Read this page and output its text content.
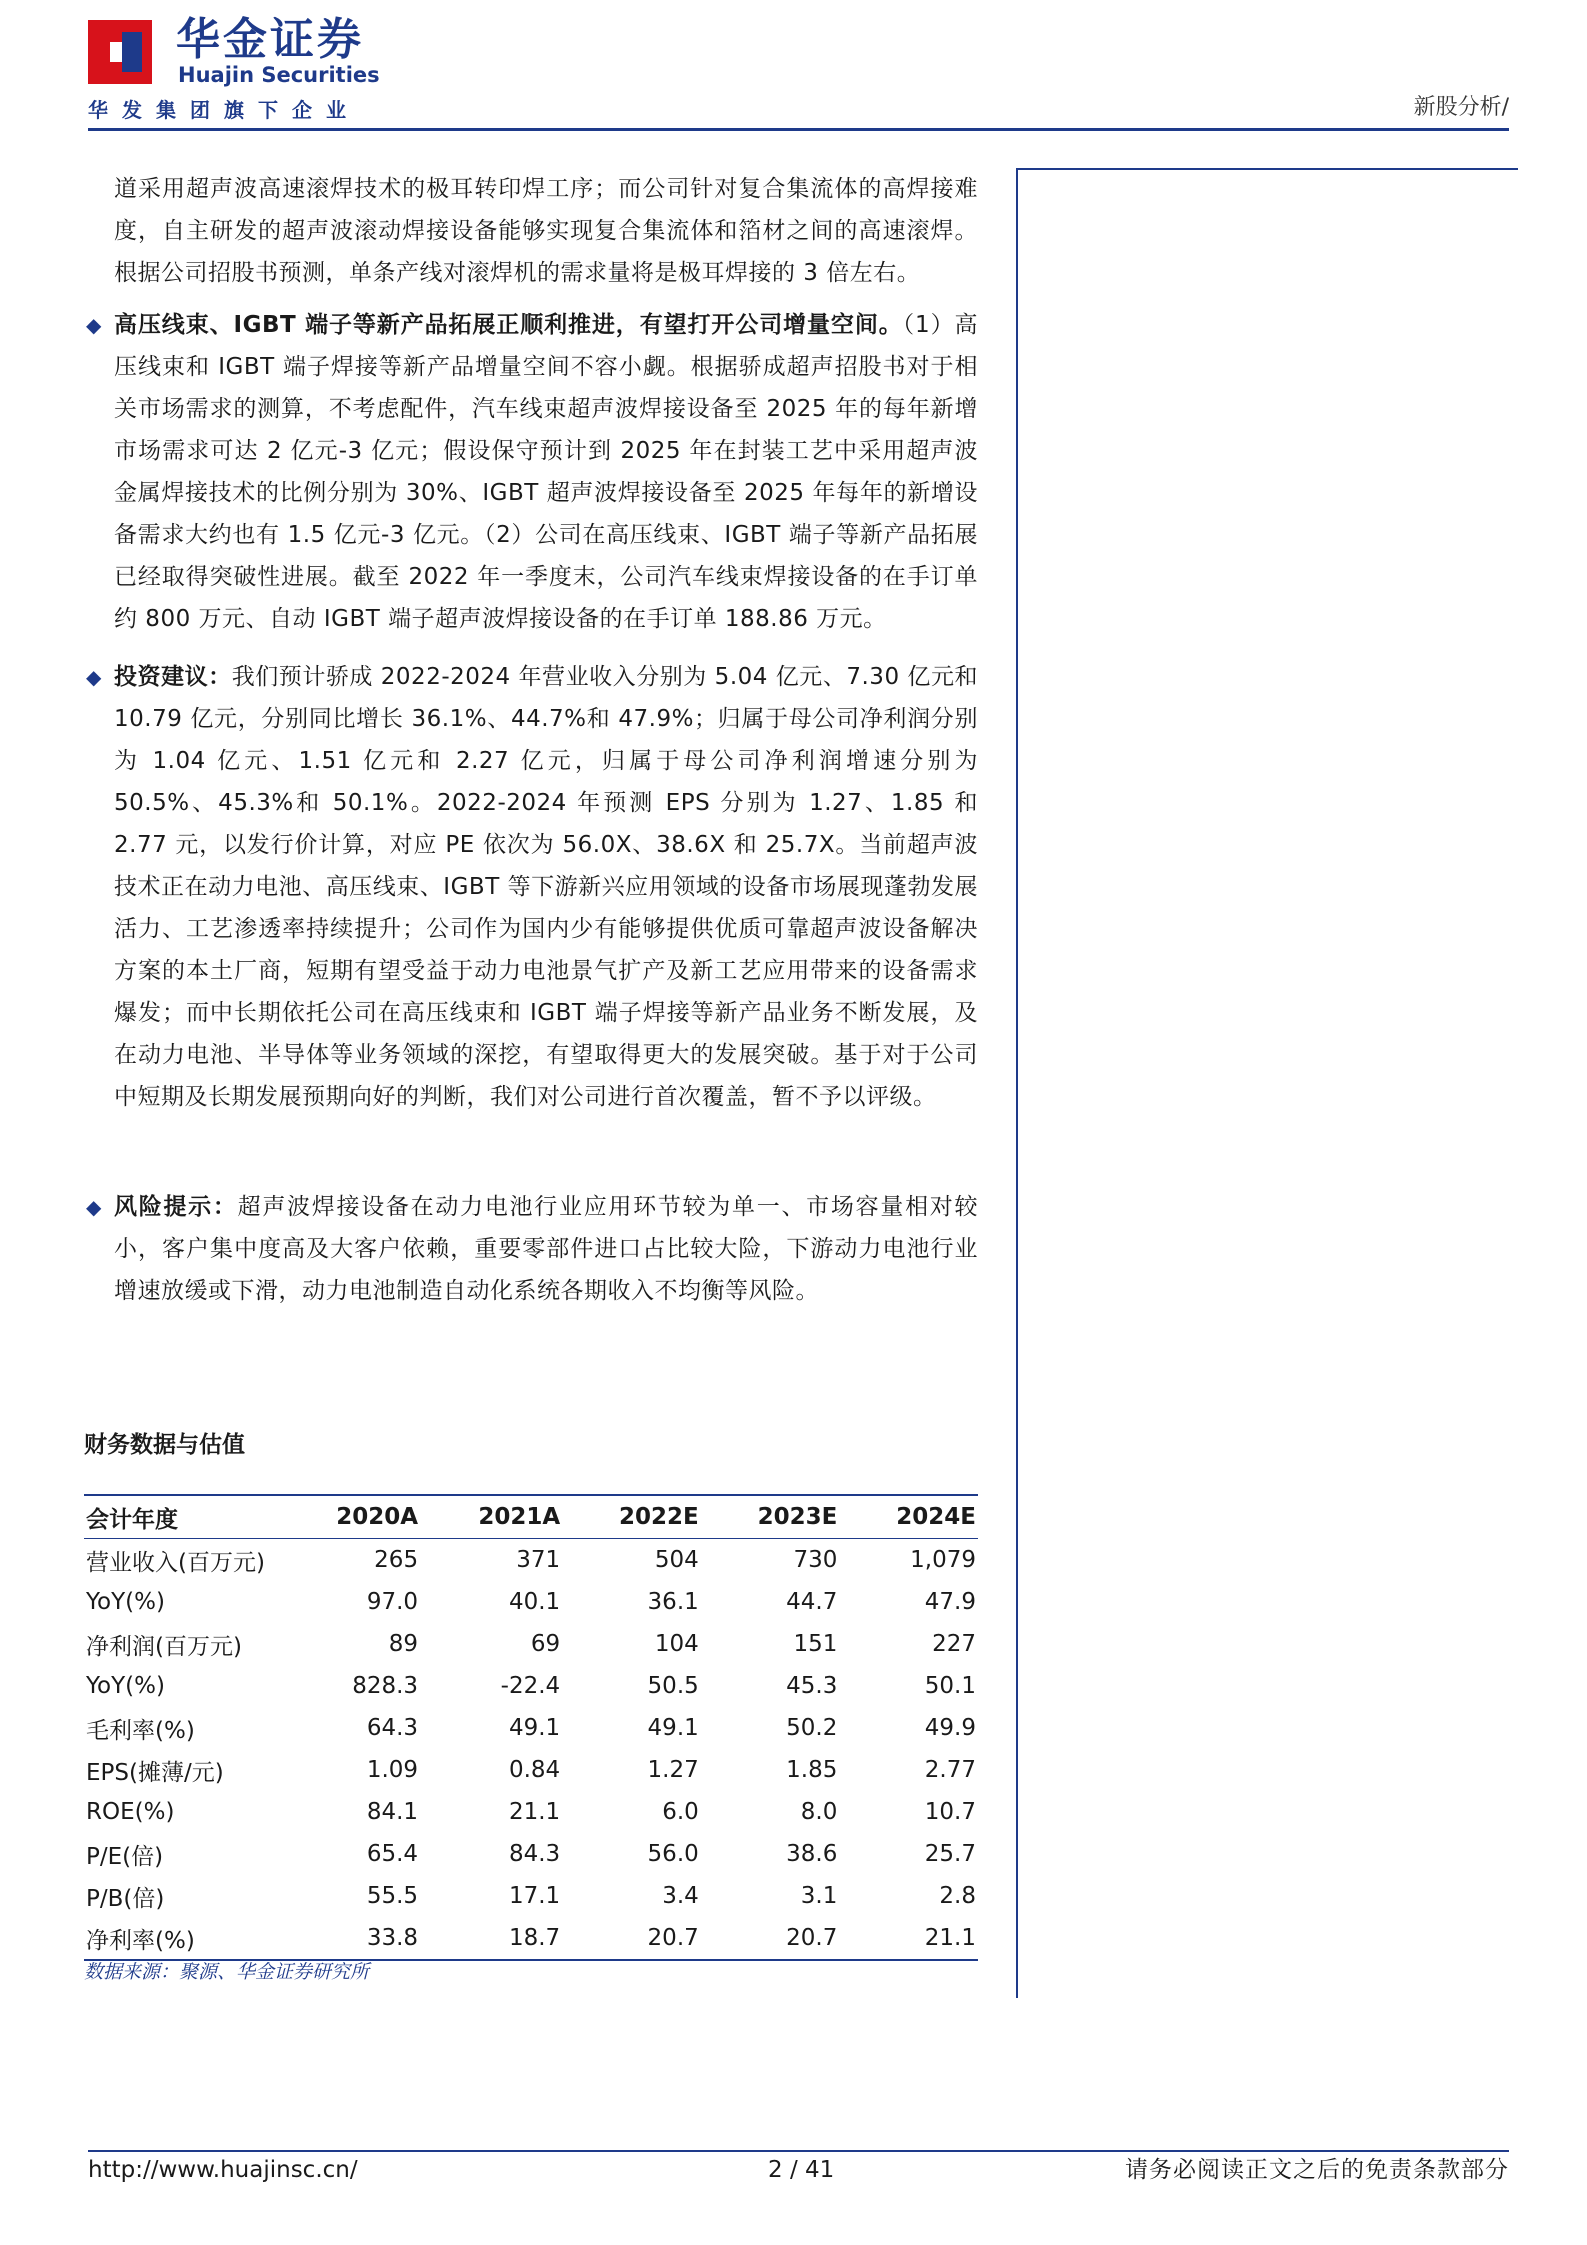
华金证券
Huajin Securities
华发集团旗下企业	新股分析/
道采用超声波高速滚焊技术的极耳转印焊工序；而公司针对复合集流体的高焊接难度，自主研发的超声波滚动焊接设备能够实现复合集流体和箔材之间的高速滚焊。根据公司招股书预测，单条产线对滚焊机的需求量将是极耳焊接的 3 倍左右。
◆ 高压线束、IGBT 端子等新产品拓展正顺利推进，有望打开公司增量空间。（1）高压线束和 IGBT 端子焊接等新产品增量空间不容小觑。根据骄成超声招股书对于相关市场需求的测算，不考虑配件，汽车线束超声波焊接设备至 2025 年的每年新增市场需求可达 2 亿元-3 亿元；假设保守预计到 2025 年在封装工艺中采用超声波金属焊接技术的比例分别为 30%、IGBT 超声波焊接设备至 2025 年每年的新增设备需求大约也有 1.5 亿元-3 亿元。（2）公司在高压线束、IGBT 端子等新产品拓展已经取得突破性进展。截至 2022 年一季度末，公司汽车线束焊接设备的在手订单约 800 万元、自动 IGBT 端子超声波焊接设备的在手订单 188.86 万元。
◆ 投资建议：我们预计骄成 2022-2024 年营业收入分别为 5.04 亿元、7.30 亿元和 10.79 亿元，分别同比增长 36.1%、44.7%和 47.9%；归属于母公司净利润分别为 1.04 亿元、1.51 亿元和 2.27 亿元，归属于母公司净利润增速分别为 50.5%、45.3%和 50.1%。2022-2024 年预测 EPS 分别为 1.27、1.85 和 2.77 元，以发行价计算，对应 PE 依次为 56.0X、38.6X 和 25.7X。当前超声波技术正在动力电池、高压线束、IGBT 等下游新兴应用领域的设备市场展现蓬勃发展活力、工艺渗透率持续提升；公司作为国内少有能够提供优质可靠超声波设备解决方案的本土厂商，短期有望受益于动力电池景气扩产及新工艺应用带来的设备需求爆发；而中长期依托公司在高压线束和 IGBT 端子焊接等新产品业务不断发展，及在动力电池、半导体等业务领域的深挖，有望取得更大的发展突破。基于对于公司中短期及长期发展预期向好的判断，我们对公司进行首次覆盖，暂不予以评级。
◆ 风险提示：超声波焊接设备在动力电池行业应用环节较为单一、市场容量相对较小，客户集中度高及大客户依赖，重要零部件进口占比较大险，下游动力电池行业增速放缓或下滑，动力电池制造自动化系统各期收入不均衡等风险。
财务数据与估值
会计年度	2020A	2021A	2022E	2023E	2024E
营业收入(百万元)	265	371	504	730	1,079
YoY(%)	97.0	40.1	36.1	44.7	47.9
净利润(百万元)	89	69	104	151	227
YoY(%)	828.3	-22.4	50.5	45.3	50.1
毛利率(%)	64.3	49.1	49.1	50.2	49.9
EPS(摊薄/元)	1.09	0.84	1.27	1.85	2.77
ROE(%)	84.1	21.1	6.0	8.0	10.7
P/E(倍)	65.4	84.3	56.0	38.6	25.7
P/B(倍)	55.5	17.1	3.4	3.1	2.8
净利率(%)	33.8	18.7	20.7	20.7	21.1
数据来源：聚源、华金证券研究所
http://www.huajinsc.cn/	2 / 41	请务必阅读正文之后的免责条款部分
